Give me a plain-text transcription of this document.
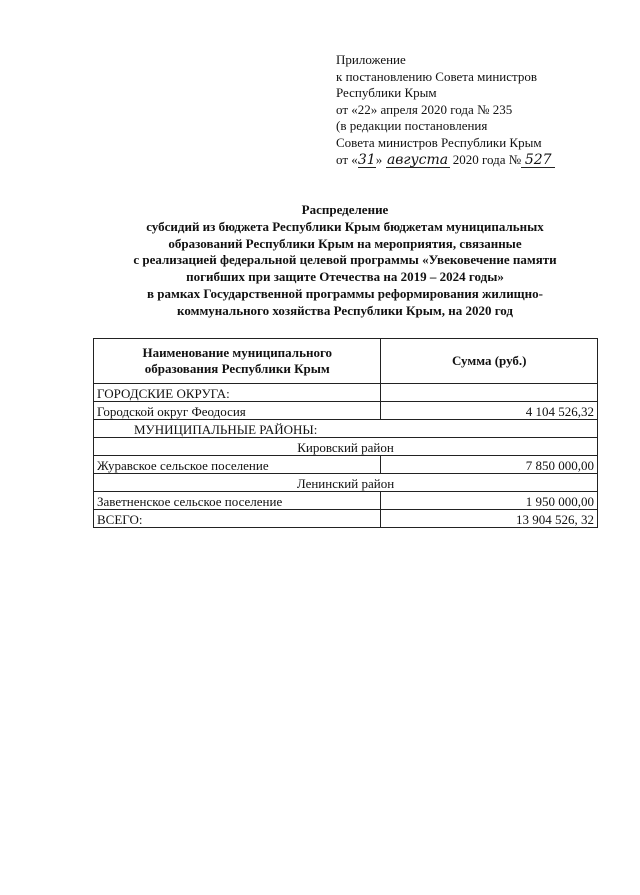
Приложение
к постановлению Совета министров
Республики Крым
от «22» апреля 2020 года № 235
(в редакции постановления
Совета министров Республики Крым
от «31» августа 2020 года № 527
Распределение
субсидий из бюджета Республики Крым бюджетам муниципальных
образований Республики Крым на мероприятия, связанные
с реализацией федеральной целевой программы «Увековечение памяти
погибших при защите Отечества на 2019 – 2024 годы»
в рамках Государственной программы реформирования жилищно-
коммунального хозяйства Республики Крым, на 2020 год
Наименование муниципального
образования Республики Крым	Сумма (руб.)
ГОРОДСКИЕ ОКРУГА:	
Городской округ Феодосия	4 104 526,32
МУНИЦИПАЛЬНЫЕ РАЙОНЫ:	
Кировский район	
Журавское сельское поселение	7 850 000,00
Ленинский район	
Заветненское сельское поселение	1 950 000,00
ВСЕГО:	13 904 526, 32
